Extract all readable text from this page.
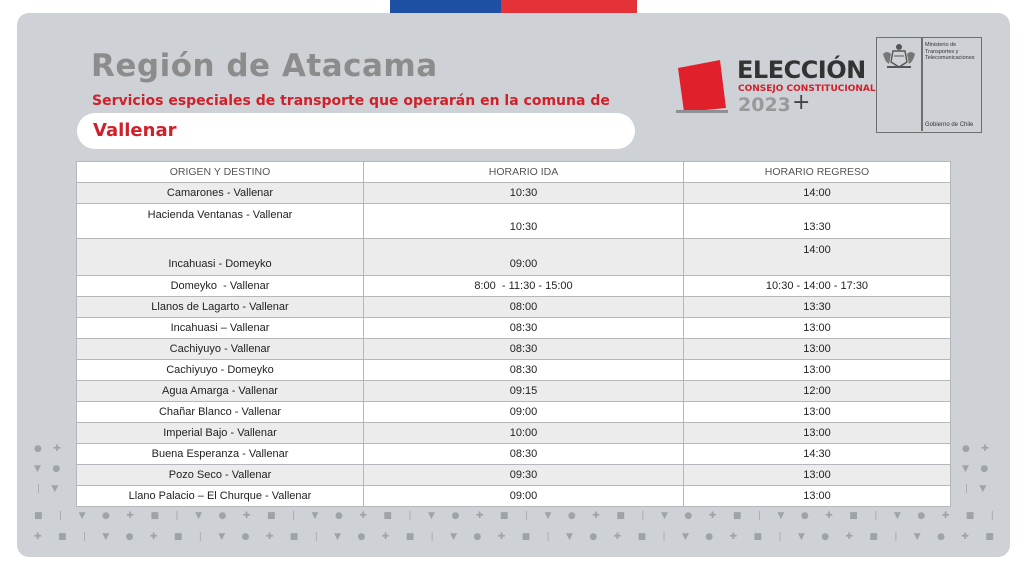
Región de Atacama
Servicios especiales de transporte que operarán en la comuna de
Vallenar
ELECCIÓN
CONSEJO CONSTITUCIONAL
2023 +
Ministerio de Transportes y Telecomunicaciones
Gobierno de Chile
ORIGEN Y DESTINO	HORARIO IDA	HORARIO REGRESO
Camarones - Vallenar	10:30	14:00
Hacienda Ventanas - Vallenar	10:30	13:30
Incahuasi - Domeyko	09:00	14:00
Domeyko  - Vallenar	8:00  - 11:30 - 15:00	10:30 - 14:00 - 17:30
Llanos de Lagarto - Vallenar	08:00	13:30
Incahuasi – Vallenar	08:30	13:00
Cachiyuyo - Vallenar	08:30	13:00
Cachiyuyo - Domeyko	08:30	13:00
Agua Amarga - Vallenar	09:15	12:00
Chañar Blanco - Vallenar	09:00	13:00
Imperial Bajo - Vallenar	10:00	13:00
Buena Esperanza - Vallenar	08:30	14:30
Pozo Seco - Vallenar	09:30	13:00
Llano Palacio – El Churque - Vallenar	09:00	13:00
●    ✚

▼    ●

|    ▼
●    ✚

▼    ●

|    ▼
■ | ▼ ● ✚ ■ | ▼ ● ✚ ■ | ▼ ● ✚ ■ | ▼ ● ✚ ■ | ▼ ● ✚ ■ | ▼ ● ✚ ■ | ▼ ● ✚ ■ | ▼ ● ✚ ■ |
✚ ■ | ▼ ● ✚ ■ | ▼ ● ✚ ■ | ▼ ● ✚ ■ | ▼ ● ✚ ■ | ▼ ● ✚ ■ | ▼ ● ✚ ■ | ▼ ● ✚ ■ | ▼ ● ✚ ■
